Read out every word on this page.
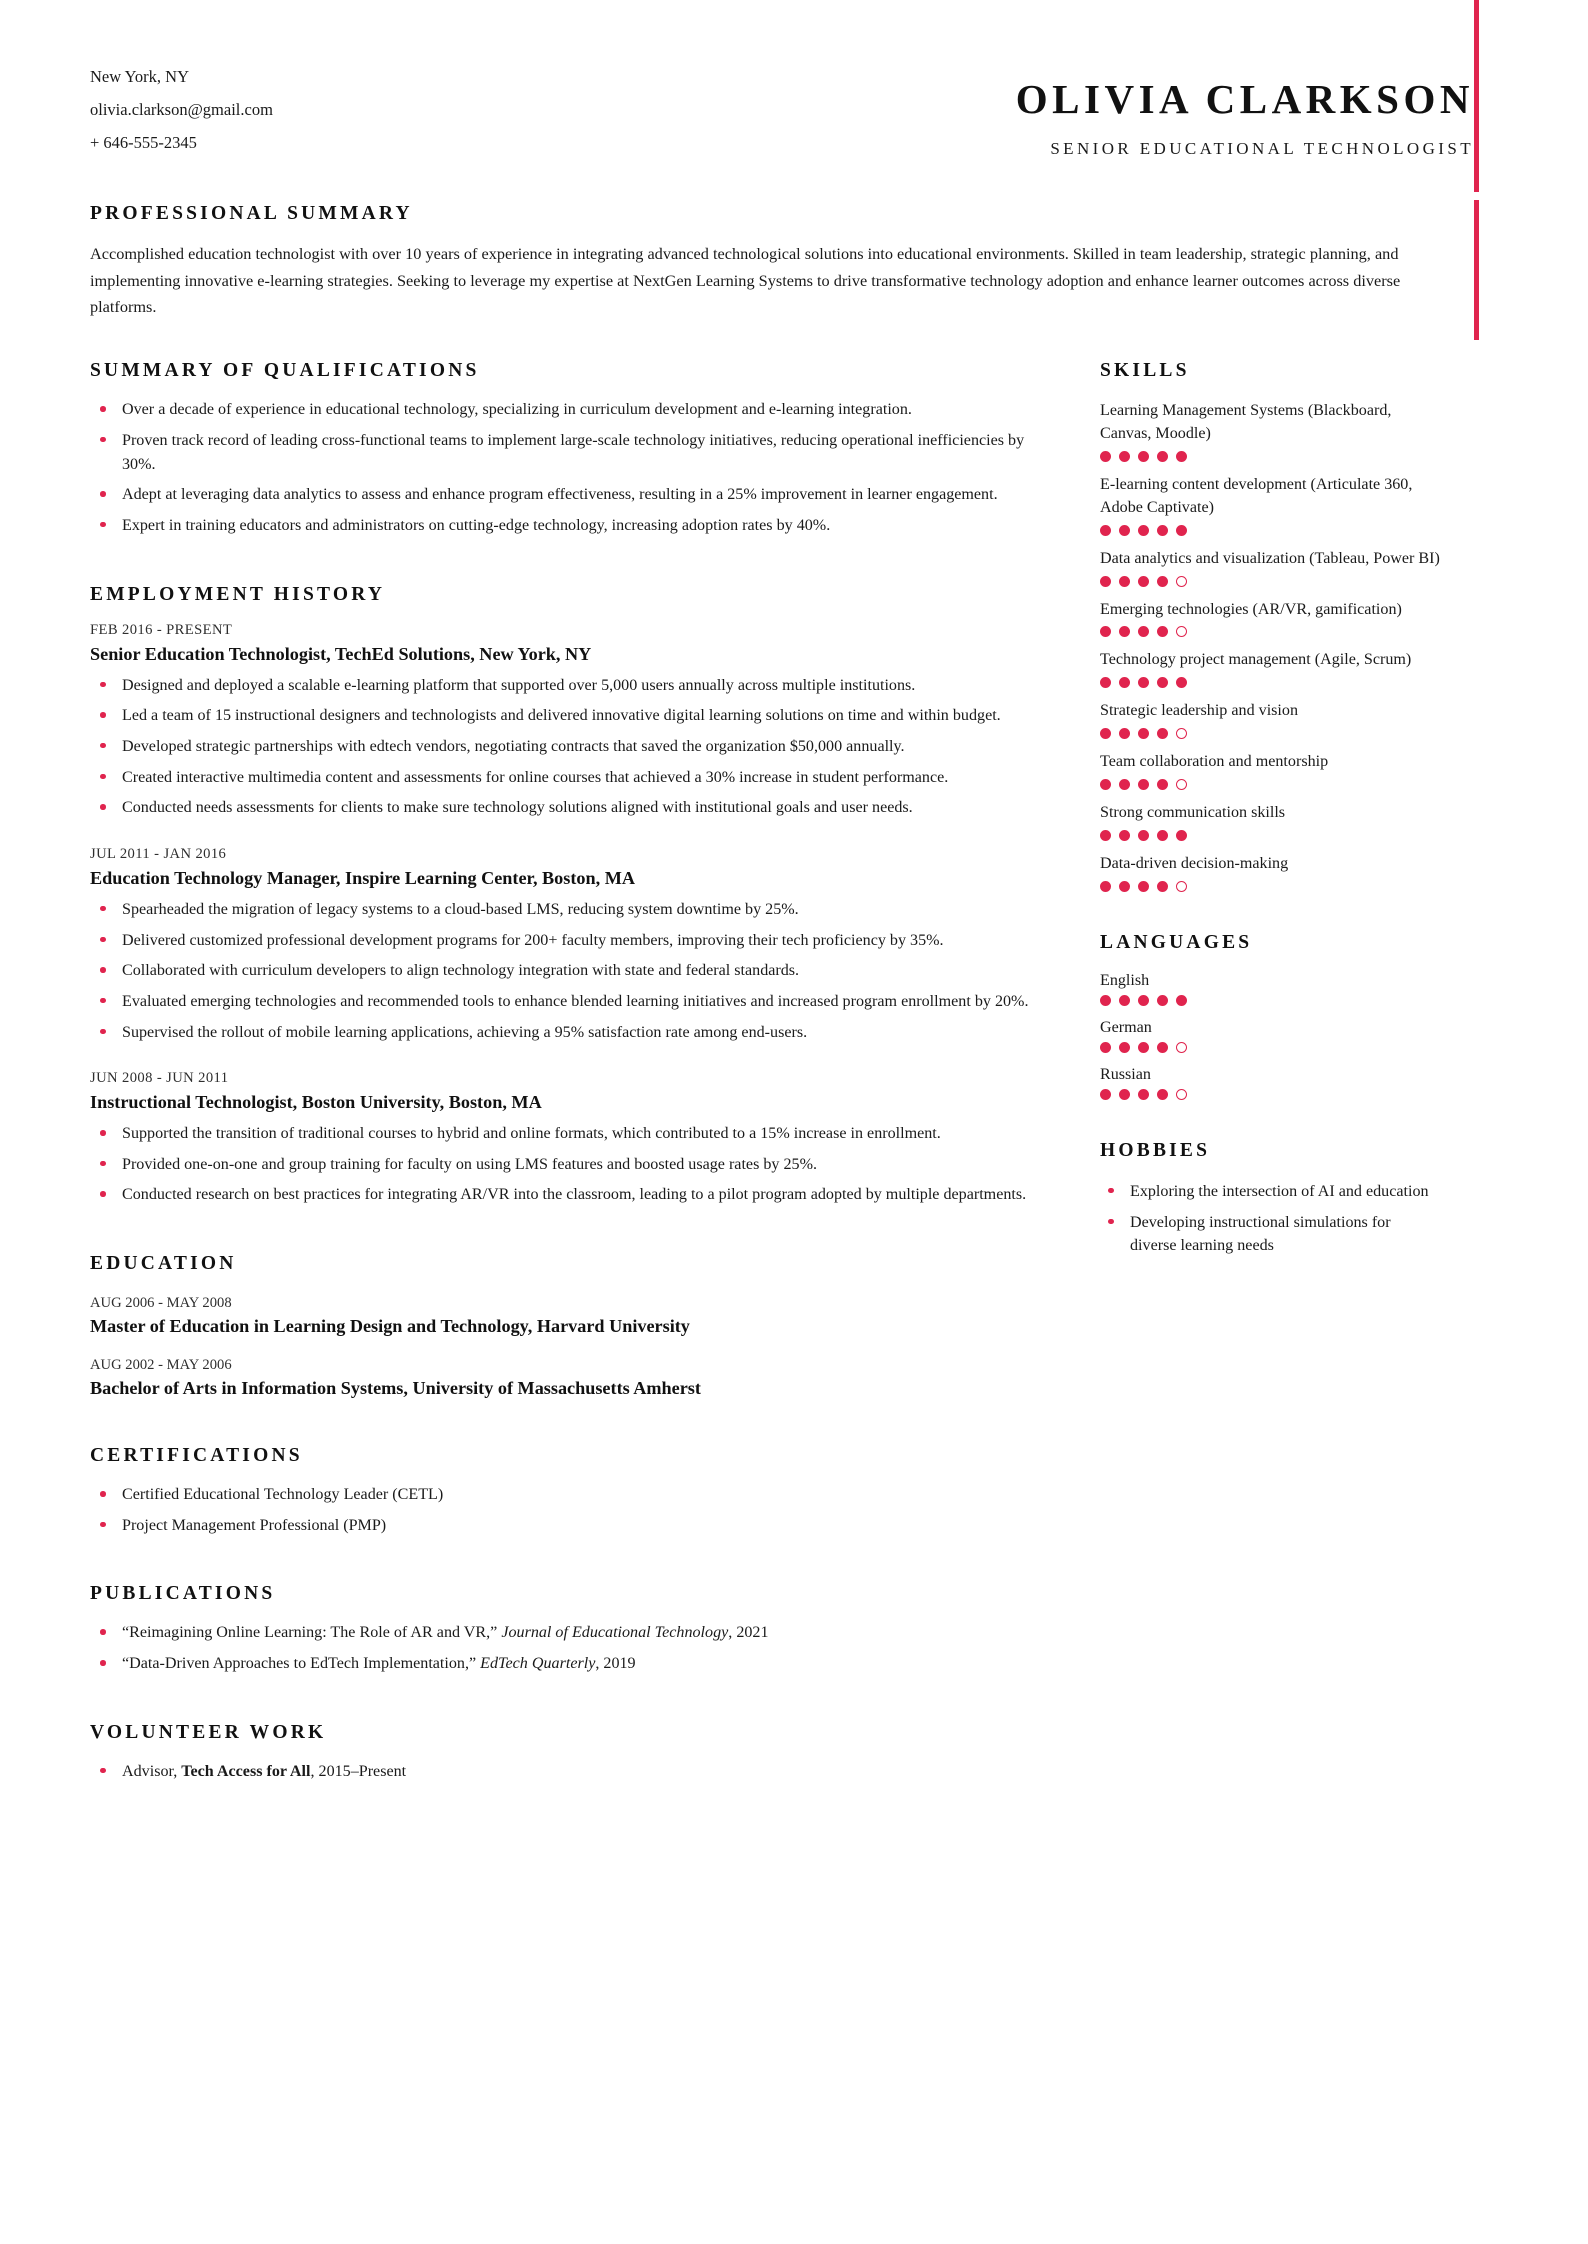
New York, NY
olivia.clarkson@gmail.com
+ 646-555-2345
OLIVIA CLARKSON
SENIOR EDUCATIONAL TECHNOLOGIST
PROFESSIONAL SUMMARY
Accomplished education technologist with over 10 years of experience in integrating advanced technological solutions into educational environments. Skilled in team leadership, strategic planning, and implementing innovative e-learning strategies. Seeking to leverage my expertise at NextGen Learning Systems to drive transformative technology adoption and enhance learner outcomes across diverse platforms.
SUMMARY OF QUALIFICATIONS
Over a decade of experience in educational technology, specializing in curriculum development and e-learning integration.
Proven track record of leading cross-functional teams to implement large-scale technology initiatives, reducing operational inefficiencies by 30%.
Adept at leveraging data analytics to assess and enhance program effectiveness, resulting in a 25% improvement in learner engagement.
Expert in training educators and administrators on cutting-edge technology, increasing adoption rates by 40%.
EMPLOYMENT HISTORY
FEB 2016 - PRESENT
Senior Education Technologist, TechEd Solutions, New York, NY
Designed and deployed a scalable e-learning platform that supported over 5,000 users annually across multiple institutions.
Led a team of 15 instructional designers and technologists and delivered innovative digital learning solutions on time and within budget.
Developed strategic partnerships with edtech vendors, negotiating contracts that saved the organization $50,000 annually.
Created interactive multimedia content and assessments for online courses that achieved a 30% increase in student performance.
Conducted needs assessments for clients to make sure technology solutions aligned with institutional goals and user needs.
JUL 2011 - JAN 2016
Education Technology Manager, Inspire Learning Center, Boston, MA
Spearheaded the migration of legacy systems to a cloud-based LMS, reducing system downtime by 25%.
Delivered customized professional development programs for 200+ faculty members, improving their tech proficiency by 35%.
Collaborated with curriculum developers to align technology integration with state and federal standards.
Evaluated emerging technologies and recommended tools to enhance blended learning initiatives and increased program enrollment by 20%.
Supervised the rollout of mobile learning applications, achieving a 95% satisfaction rate among end-users.
JUN 2008 - JUN 2011
Instructional Technologist, Boston University, Boston, MA
Supported the transition of traditional courses to hybrid and online formats, which contributed to a 15% increase in enrollment.
Provided one-on-one and group training for faculty on using LMS features and boosted usage rates by 25%.
Conducted research on best practices for integrating AR/VR into the classroom, leading to a pilot program adopted by multiple departments.
EDUCATION
AUG 2006 - MAY 2008
Master of Education in Learning Design and Technology, Harvard University
AUG 2002 - MAY 2006
Bachelor of Arts in Information Systems, University of Massachusetts Amherst
CERTIFICATIONS
Certified Educational Technology Leader (CETL)
Project Management Professional (PMP)
PUBLICATIONS
“Reimagining Online Learning: The Role of AR and VR,” Journal of Educational Technology, 2021
“Data-Driven Approaches to EdTech Implementation,” EdTech Quarterly, 2019
VOLUNTEER WORK
Advisor, Tech Access for All, 2015–Present
SKILLS
Learning Management Systems (Blackboard, Canvas, Moodle)
E-learning content development (Articulate 360, Adobe Captivate)
Data analytics and visualization (Tableau, Power BI)
Emerging technologies (AR/VR, gamification)
Technology project management (Agile, Scrum)
Strategic leadership and vision
Team collaboration and mentorship
Strong communication skills
Data-driven decision-making
LANGUAGES
English
German
Russian
HOBBIES
Exploring the intersection of AI and education
Developing instructional simulations for diverse learning needs
